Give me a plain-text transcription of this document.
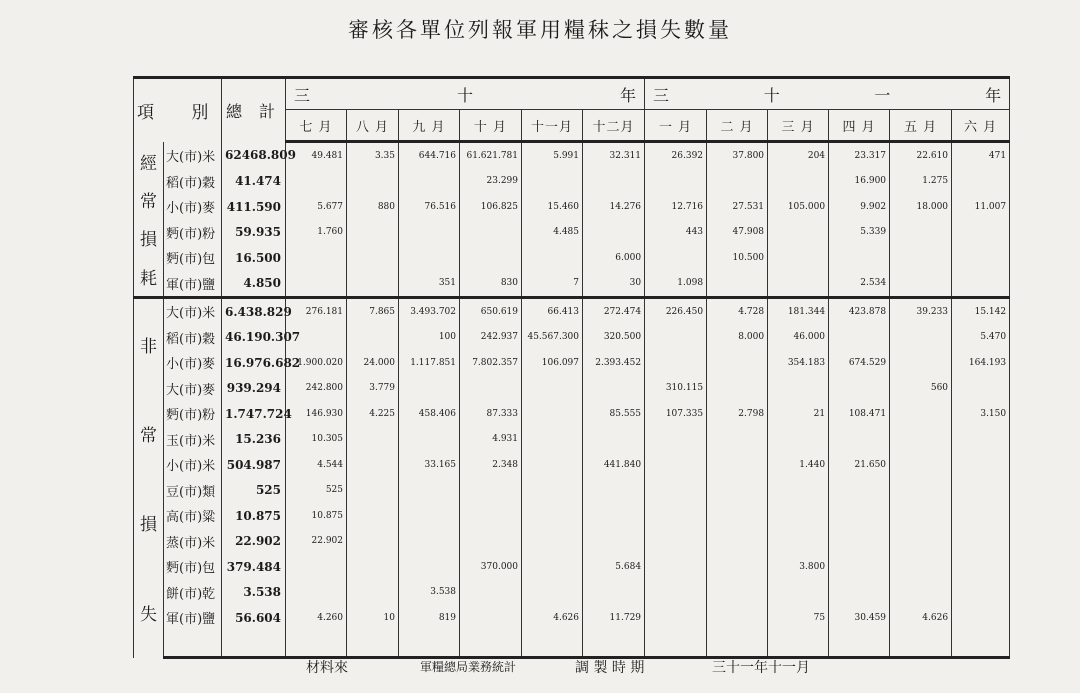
審核各單位列報軍用糧秣之損失數量
項 別		總 計	三 十 年						三 十 一 年					
			七 月	八 月	九 月	十 月	十一月	十二月	一 月	二 月	三 月	四 月	五 月	六 月

經
常
損
耗	大(市)米	62468.809	49.481	3.35	644.716	61.621.781	5.991	32.311	26.392	37.800	204	23.317	22.610	471
	稻(市)穀	41.474				23.299						16.900	1.275	
	小(市)麥	411.590	5.677	880	76.516	106.825	15.460	14.276	12.716	27.531	105.000	9.902	18.000	11.007
	麪(市)粉	59.935	1.760				4.485		443	47.908		5.339		
	麪(市)包	16.500						6.000		10.500				
	軍(市)鹽	4.850			351	830	7	30	1.098			2.534		

非
常
損
失	大(市)米	6.438.829	276.181	7.865	3.493.702	650.619	66.413	272.474	226.450	4.728	181.344	423.878	39.233	15.142
	稻(市)穀	46.190.307			100	242.937	45.567.300	320.500		8.000	46.000			5.470
	小(市)麥	16.976.682	1.900.020	24.000	1.117.851	7.802.357	106.097	2.393.452			354.183	674.529		164.193
	大(市)麥	939.294	242.800	3.779					310.115				560	
	麪(市)粉	1.747.724	146.930	4.225	458.406	87.333		85.555	107.335	2.798	21	108.471		3.150
	玉(市)米	15.236	10.305			4.931								
	小(市)米	504.987	4.544		33.165	2.348		441.840			1.440	21.650		
	豆(市)類	525	525											
	高(市)粱	10.875	10.875											
	蒸(市)米	22.902	22.902											
	麪(市)包	379.484				370.000		5.684			3.800			
	餅(市)乾	3.538			3.538									
	軍(市)鹽	56.604	4.260	10	819		4.626	11.729			75	30.459	4.626	

材料來	軍糧總局業務統計	調 製 時 期	三十一年十一月
